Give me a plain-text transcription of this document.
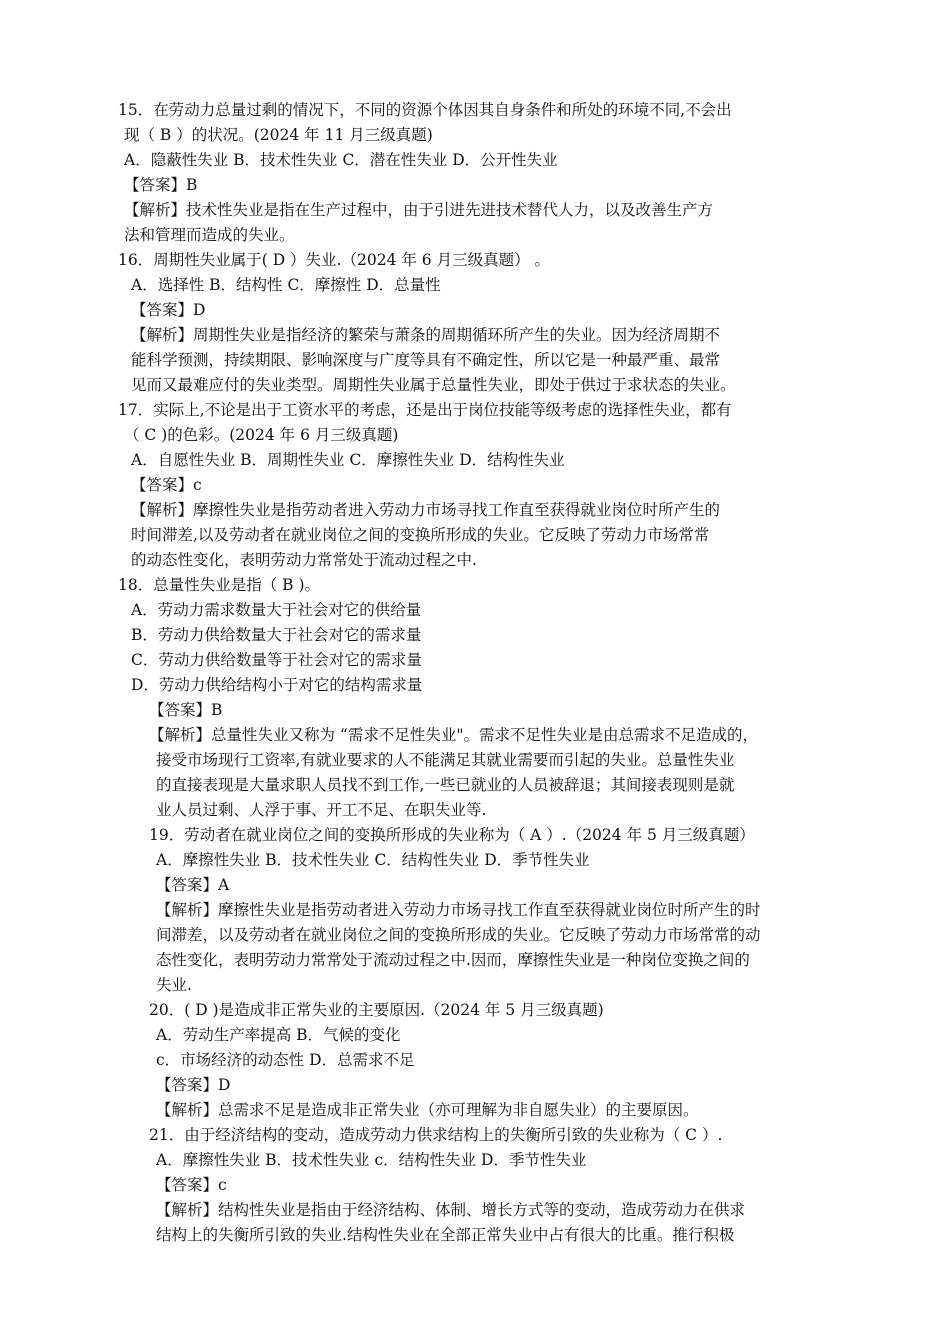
15．在劳动力总量过剩的情况下，不同的资源个体因其自身条件和所处的环境不同,不会出
现（ B ）的状况。(2024 年 11 月三级真题)
A．隐蔽性失业 B．技术性失业 C．潜在性失业 D．公开性失业
【答案】B
【解析】技术性失业是指在生产过程中，由于引进先进技术替代人力，以及改善生产方
法和管理而造成的失业。
16．周期性失业属于( D ）失业.（2024 年 6 月三级真题） 。
A．选择性 B．结构性 C．摩擦性 D．总量性
【答案】D
【解析】周期性失业是指经济的繁荣与萧条的周期循环所产生的失业。因为经济周期不
能科学预测，持续期限、影响深度与广度等具有不确定性，所以它是一种最严重、最常
见而又最难应付的失业类型。周期性失业属于总量性失业，即处于供过于求状态的失业。
17．实际上,不论是出于工资水平的考虑，还是出于岗位技能等级考虑的选择性失业，都有
（ C )的色彩。(2024 年 6 月三级真题)
A．自愿性失业 B．周期性失业 C．摩擦性失业 D．结构性失业
【答案】c
【解析】摩擦性失业是指劳动者进入劳动力市场寻找工作直至获得就业岗位时所产生的
时间滞差,以及劳动者在就业岗位之间的变换所形成的失业。它反映了劳动力市场常常
的动态性变化，表明劳动力常常处于流动过程之中.
18．总量性失业是指（ B )。
A．劳动力需求数量大于社会对它的供给量
B．劳动力供给数量大于社会对它的需求量
C．劳动力供给数量等于社会对它的需求量
D．劳动力供给结构小于对它的结构需求量
【答案】B
【解析】总量性失业又称为 “需求不足性失业"。需求不足性失业是由总需求不足造成的，
接受市场现行工资率,有就业要求的人不能满足其就业需要而引起的失业。总量性失业
的直接表现是大量求职人员找不到工作,一些已就业的人员被辞退；其间接表现则是就
业人员过剩、人浮于事、开工不足、在职失业等.
19．劳动者在就业岗位之间的变换所形成的失业称为（ A ）.（2024 年 5 月三级真题）
A．摩擦性失业 B．技术性失业 C．结构性失业 D．季节性失业
【答案】A
【解析】摩擦性失业是指劳动者进入劳动力市场寻找工作直至获得就业岗位时所产生的时
间滞差，以及劳动者在就业岗位之间的变换所形成的失业。它反映了劳动力市场常常的动
态性变化，表明劳动力常常处于流动过程之中.因而，摩擦性失业是一种岗位变换之间的
失业.
20．( D )是造成非正常失业的主要原因.（2024 年 5 月三级真题)
A．劳动生产率提高 B．气候的变化
c．市场经济的动态性 D．总需求不足
【答案】D
【解析】总需求不足是造成非正常失业（亦可理解为非自愿失业）的主要原因。
21．由于经济结构的变动，造成劳动力供求结构上的失衡所引致的失业称为（ C ）.
A．摩擦性失业 B．技术性失业 c．结构性失业 D．季节性失业
【答案】c
【解析】结构性失业是指由于经济结构、体制、增长方式等的变动，造成劳动力在供求
结构上的失衡所引致的失业.结构性失业在全部正常失业中占有很大的比重。推行积极
